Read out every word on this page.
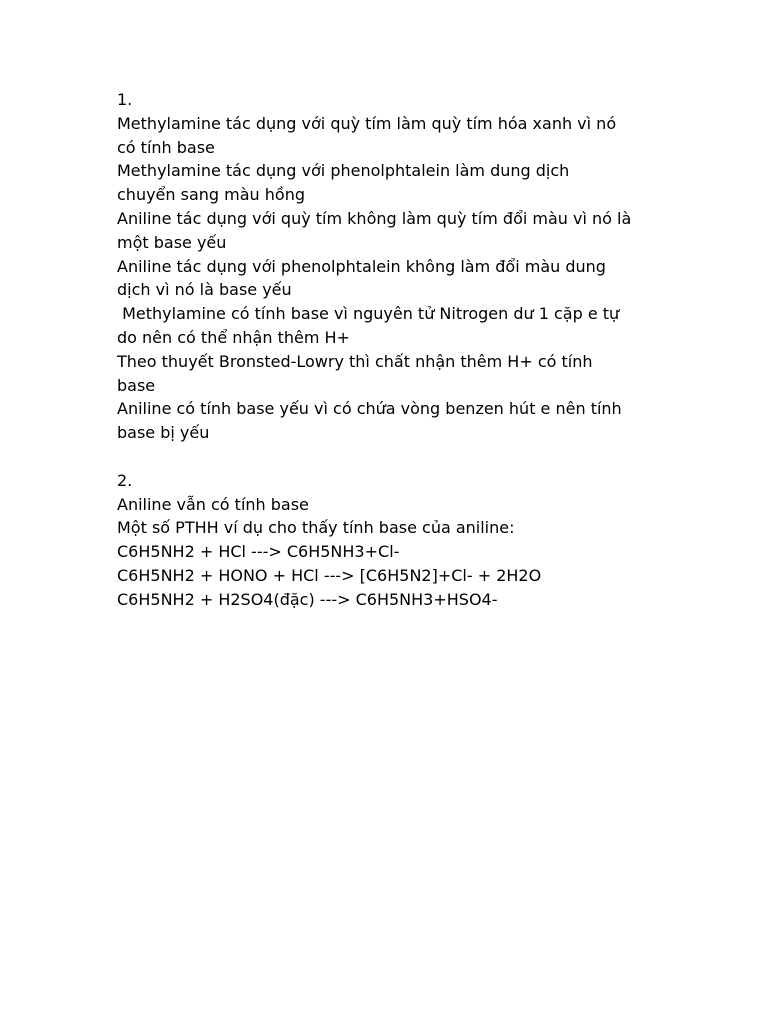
1.
Methylamine tác dụng với quỳ tím làm quỳ tím hóa xanh vì nó
có tính base
Methylamine tác dụng với phenolphtalein làm dung dịch
chuyển sang màu hồng
Aniline tác dụng với quỳ tím không làm quỳ tím đổi màu vì nó là
một base yếu
Aniline tác dụng với phenolphtalein không làm đổi màu dung
dịch vì nó là base yếu
Methylamine có tính base vì nguyên tử Nitrogen dư 1 cặp e tự
do nên có thể nhận thêm H+
Theo thuyết Bronsted-Lowry thì chất nhận thêm H+ có tính
base
Aniline có tính base yếu vì có chứa vòng benzen hút e nên tính
base bị yếu
2.
Aniline vẫn có tính base
Một số PTHH ví dụ cho thấy tính base của aniline:
C6H5NH2 + HCl ---> C6H5NH3+Cl-
C6H5NH2 + HONO + HCl ---> [C6H5N2]+Cl- + 2H2O
C6H5NH2 + H2SO4(đặc) ---> C6H5NH3+HSO4-
